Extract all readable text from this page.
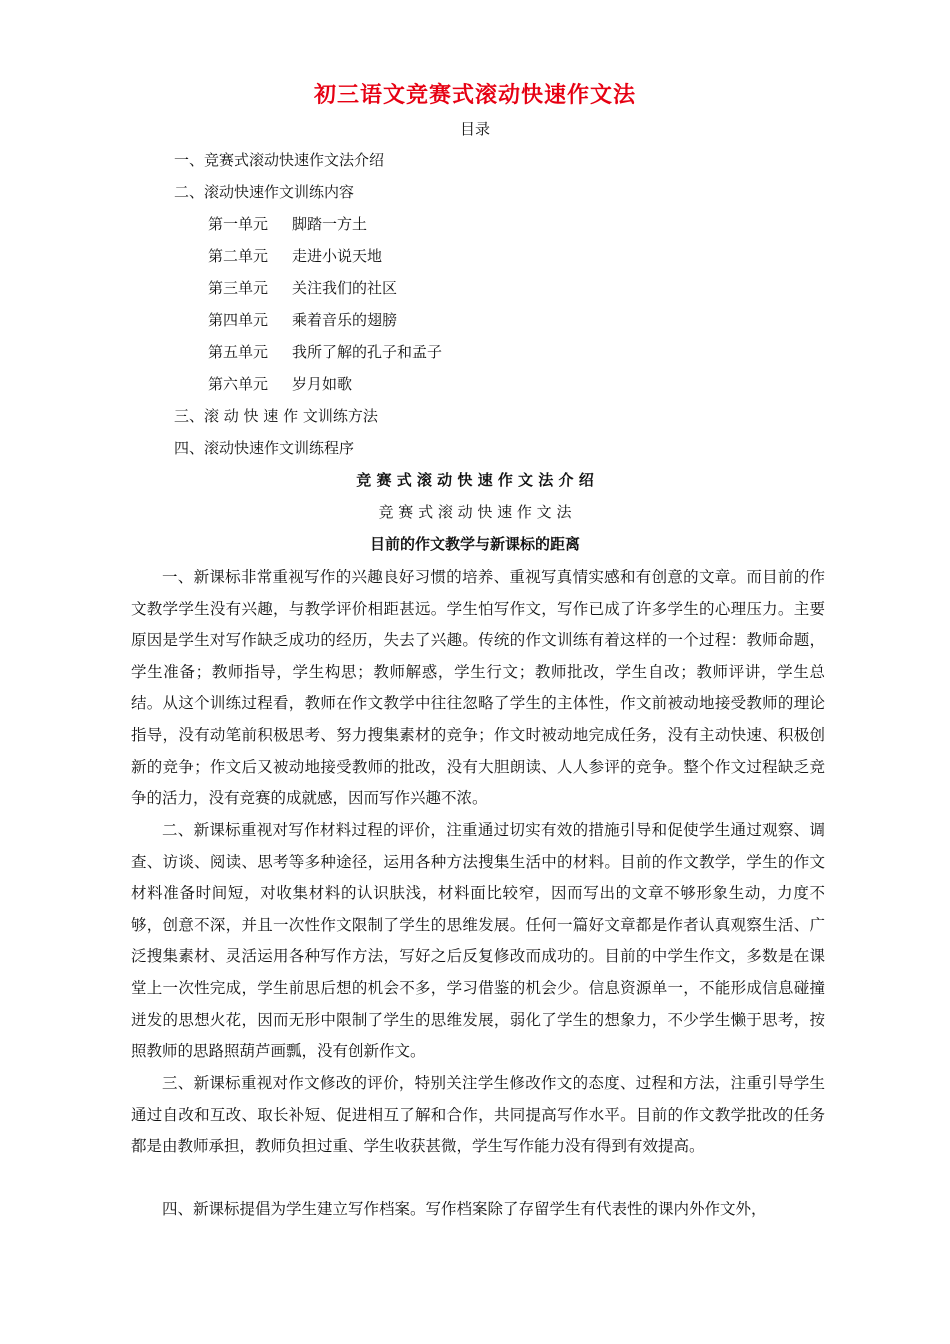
初三语文竞赛式滚动快速作文法
目录
一、竞赛式滚动快速作文法介绍
二、滚动快速作文训练内容
第一单元 脚踏一方土
第二单元 走进小说天地
第三单元 关注我们的社区
第四单元 乘着音乐的翅膀
第五单元 我所了解的孔子和孟子
第六单元 岁月如歌
三、滚 动 快 速 作 文训练方法
四、滚动快速作文训练程序
竞 赛 式 滚 动 快 速 作 文 法 介 绍
竞 赛 式 滚 动 快 速 作 文 法
目前的作文教学与新课标的距离

一、新课标非常重视写作的兴趣良好习惯的培养、重视写真情实感和有创意的文章。而目前的作文教学学生没有兴趣，与教学评价相距甚远。学生怕写作文，写作已成了许多学生的心理压力。主要原因是学生对写作缺乏成功的经历，失去了兴趣。传统的作文训练有着这样的一个过程：教师命题，学生准备；教师指导，学生构思；教师解惑，学生行文；教师批改，学生自改；教师评讲，学生总结。从这个训练过程看，教师在作文教学中往往忽略了学生的主体性，作文前被动地接受教师的理论指导，没有动笔前积极思考、努力搜集素材的竞争；作文时被动地完成任务，没有主动快速、积极创新的竞争；作文后又被动地接受教师的批改，没有大胆朗读、人人参评的竞争。整个作文过程缺乏竞争的活力，没有竞赛的成就感，因而写作兴趣不浓。

二、新课标重视对写作材料过程的评价，注重通过切实有效的措施引导和促使学生通过观察、调查、访谈、阅读、思考等多种途径，运用各种方法搜集生活中的材料。目前的作文教学，学生的作文材料准备时间短，对收集材料的认识肤浅，材料面比较窄，因而写出的文章不够形象生动，力度不够，创意不深，并且一次性作文限制了学生的思维发展。任何一篇好文章都是作者认真观察生活、广泛搜集素材、灵活运用各种写作方法，写好之后反复修改而成功的。目前的中学生作文，多数是在课堂上一次性完成，学生前思后想的机会不多，学习借鉴的机会少。信息资源单一，不能形成信息碰撞迸发的思想火花，因而无形中限制了学生的思维发展，弱化了学生的想象力，不少学生懒于思考，按照教师的思路照葫芦画瓢，没有创新作文。

三、新课标重视对作文修改的评价，特别关注学生修改作文的态度、过程和方法，注重引导学生通过自改和互改、取长补短、促进相互了解和合作，共同提高写作水平。目前的作文教学批改的任务都是由教师承担，教师负担过重、学生收获甚微，学生写作能力没有得到有效提高。

四、新课标提倡为学生建立写作档案。写作档案除了存留学生有代表性的课内外作文外，
